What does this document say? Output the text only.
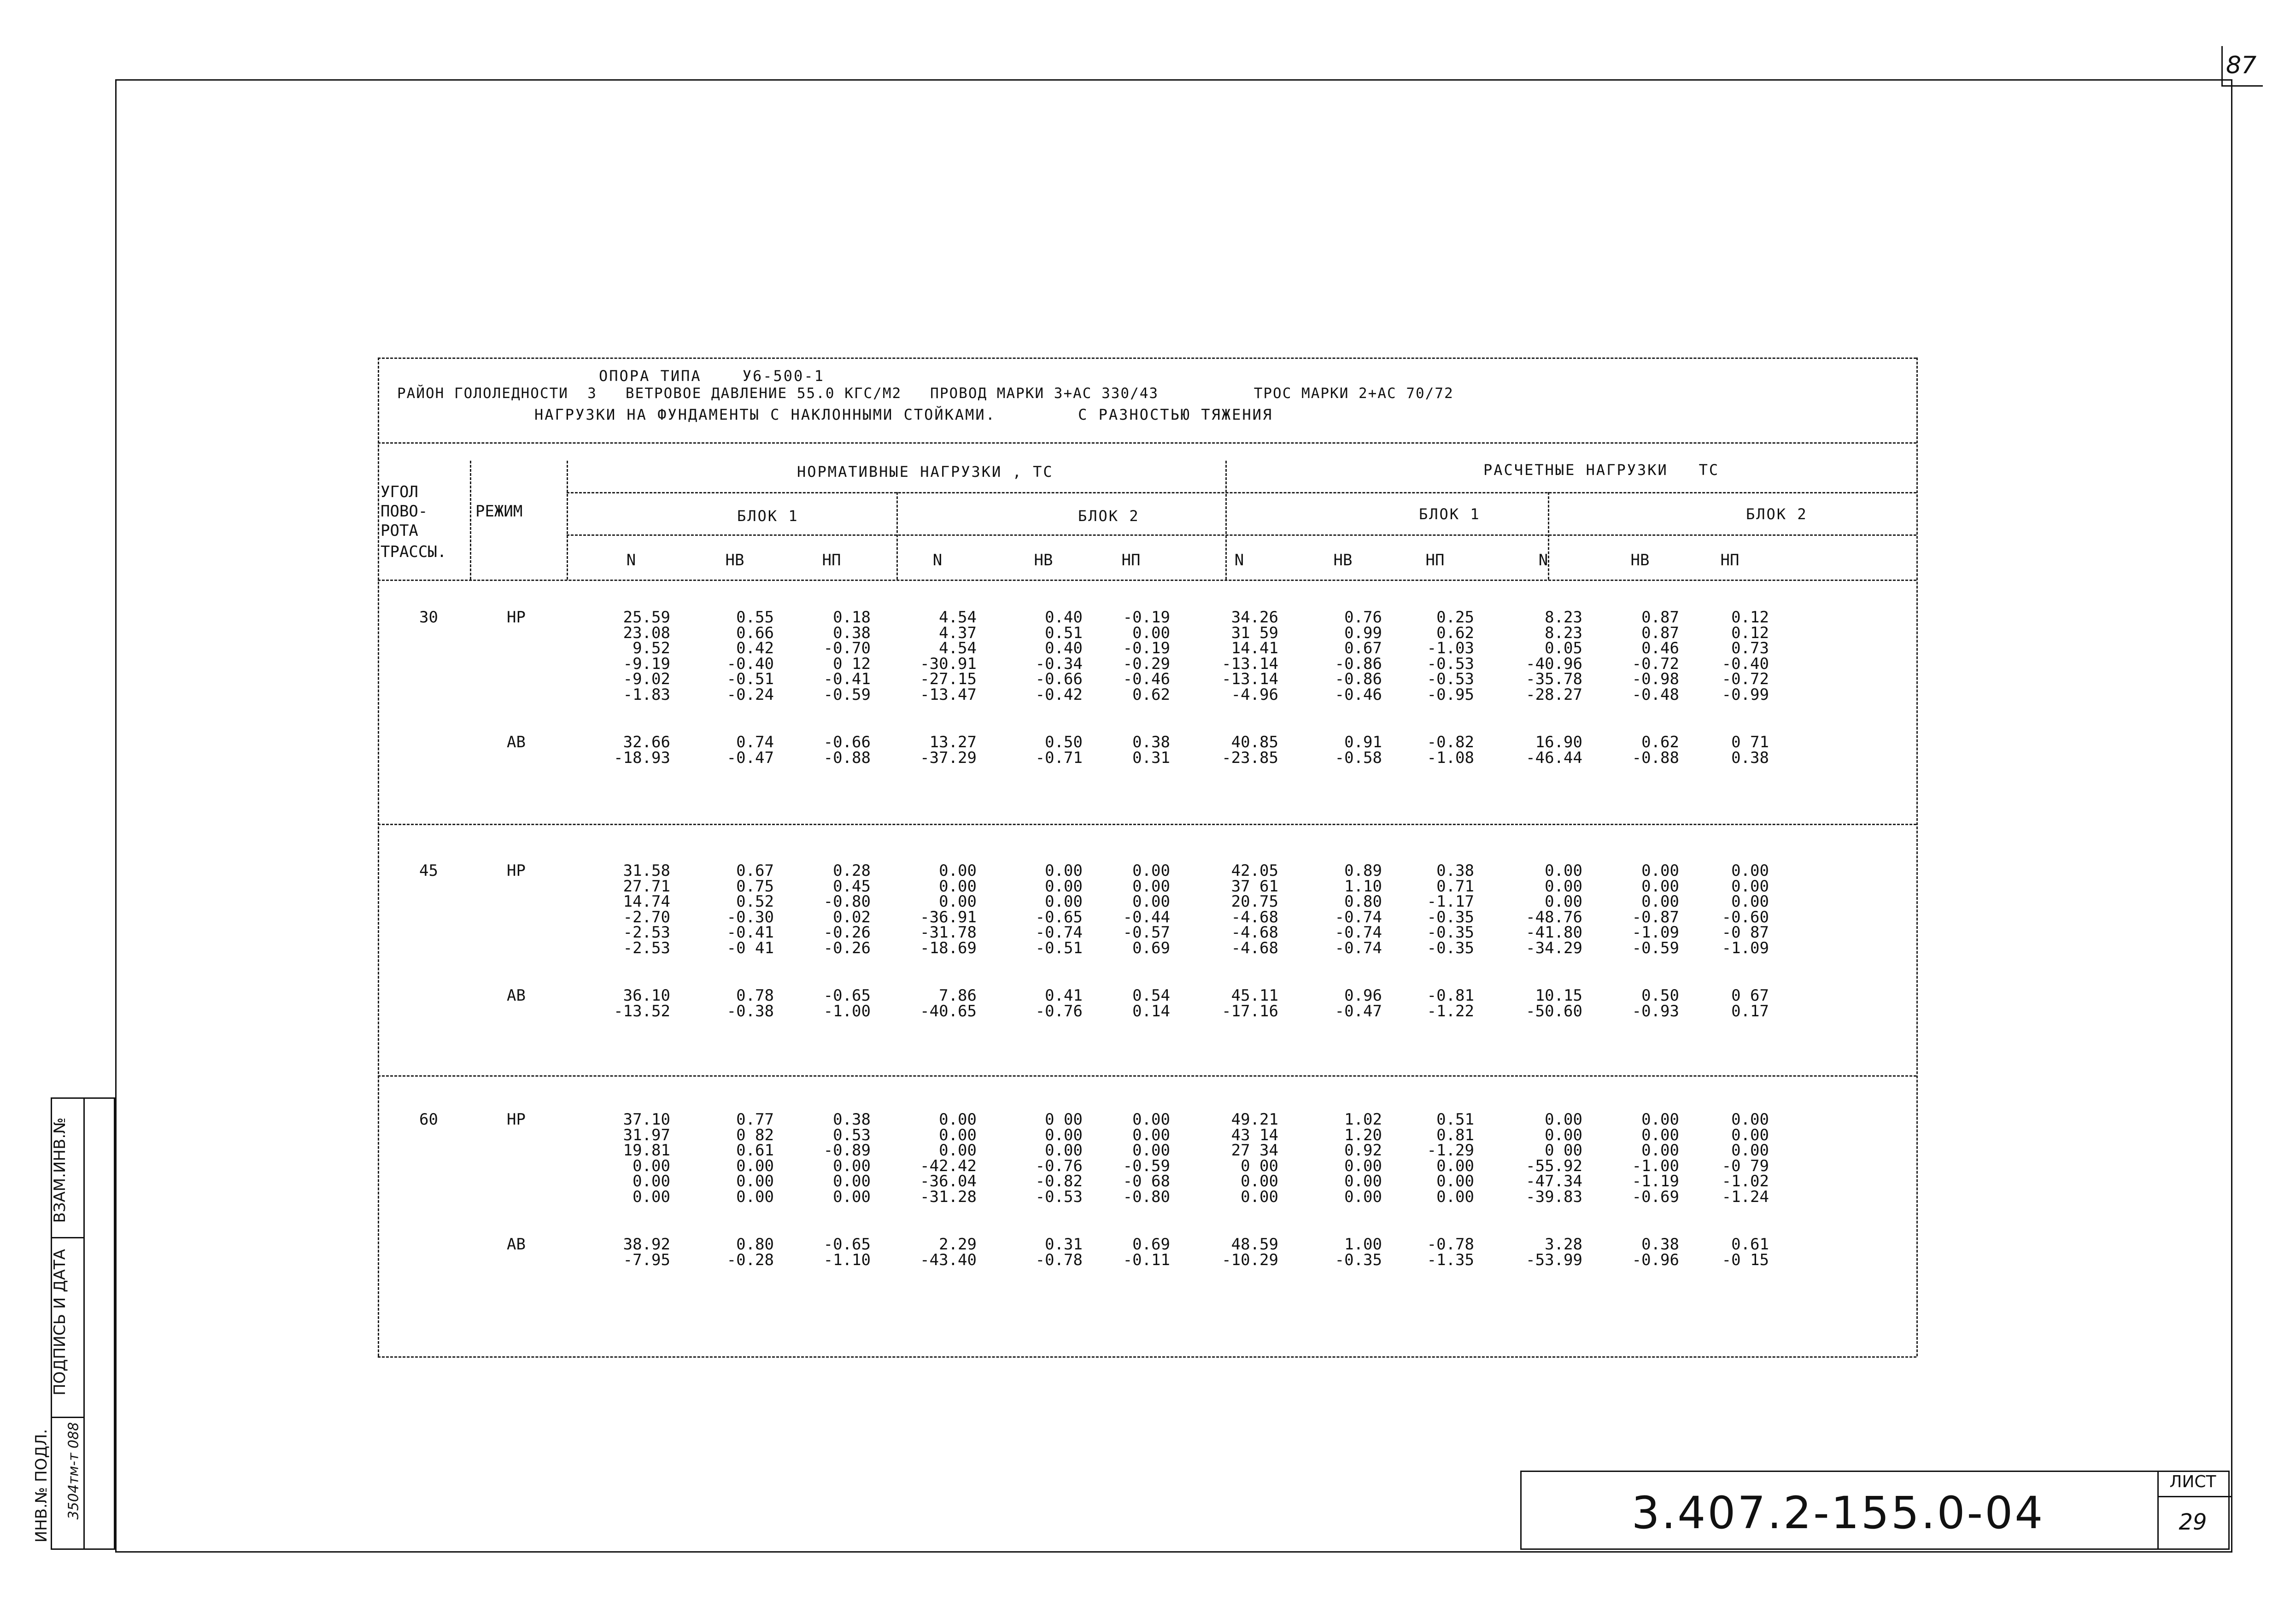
87
ВЗАМ.ИНВ.№
ПОДПИСЬ И ДАТА
ИНВ.№ ПОДЛ. 3504тм-т 088	3.407.2-155.0-04
ЛИСТ
29
ОПОРА ТИПА    У6-500-1
РАЙОН ГОЛОЛЕДНОСТИ  3   ВЕТРОВОЕ ДАВЛЕНИЕ 55.0 КГС/М2   ПРОВОД МАРКИ 3+АС 330/43          ТРОС МАРКИ 2+АС 70/72
НАГРУЗКИ НА ФУНДАМЕНТЫ С НАКЛОННЫМИ СТОЙКАМИ.        С РАЗНОСТЬЮ ТЯЖЕНИЯ
УГОЛ
ПОВО-
РОТА
ТРАССЫ.
РЕЖИМ
НОРМАТИВНЫЕ НАГРУЗКИ , ТС	РАСЧЕТНЫЕ НАГРУЗКИ   ТС
БЛОК 1	БЛОК 2	БЛОК 1	БЛОК 2
N	НВ	НП	N	НВ	НП	N	НВ	НП	N	НВ	НП
30	НР	25.59	0.55	0.18	4.54	0.40	-0.19	34.26	0.76	0.25	8.23	0.87	0.12
23.08	0.66	0.38	4.37	0.51	0.00	31 59	0.99	0.62	8.23	0.87	0.12
9.52	0.42	-0.70	4.54	0.40	-0.19	14.41	0.67	-1.03	0.05	0.46	0.73
-9.19	-0.40	0 12	-30.91	-0.34	-0.29	-13.14	-0.86	-0.53	-40.96	-0.72	-0.40
-9.02	-0.51	-0.41	-27.15	-0.66	-0.46	-13.14	-0.86	-0.53	-35.78	-0.98	-0.72
-1.83	-0.24	-0.59	-13.47	-0.42	0.62	-4.96	-0.46	-0.95	-28.27	-0.48	-0.99
АВ	32.66	0.74	-0.66	13.27	0.50	0.38	40.85	0.91	-0.82	16.90	0.62	0 71
-18.93	-0.47	-0.88	-37.29	-0.71	0.31	-23.85	-0.58	-1.08	-46.44	-0.88	0.38
45	НР	31.58	0.67	0.28	0.00	0.00	0.00	42.05	0.89	0.38	0.00	0.00	0.00
27.71	0.75	0.45	0.00	0.00	0.00	37 61	1.10	0.71	0.00	0.00	0.00
14.74	0.52	-0.80	0.00	0.00	0.00	20.75	0.80	-1.17	0.00	0.00	0.00
-2.70	-0.30	0.02	-36.91	-0.65	-0.44	-4.68	-0.74	-0.35	-48.76	-0.87	-0.60
-2.53	-0.41	-0.26	-31.78	-0.74	-0.57	-4.68	-0.74	-0.35	-41.80	-1.09	-0 87
-2.53	-0 41	-0.26	-18.69	-0.51	0.69	-4.68	-0.74	-0.35	-34.29	-0.59	-1.09
АВ	36.10	0.78	-0.65	7.86	0.41	0.54	45.11	0.96	-0.81	10.15	0.50	0 67
-13.52	-0.38	-1.00	-40.65	-0.76	0.14	-17.16	-0.47	-1.22	-50.60	-0.93	0.17
60	НР	37.10	0.77	0.38	0.00	0 00	0.00	49.21	1.02	0.51	0.00	0.00	0.00
31.97	0 82	0.53	0.00	0.00	0.00	43 14	1.20	0.81	0.00	0.00	0.00
19.81	0.61	-0.89	0.00	0.00	0.00	27 34	0.92	-1.29	0 00	0.00	0.00
0.00	0.00	0.00	-42.42	-0.76	-0.59	0 00	0.00	0.00	-55.92	-1.00	-0 79
0.00	0.00	0.00	-36.04	-0.82	-0 68	0.00	0.00	0.00	-47.34	-1.19	-1.02
0.00	0.00	0.00	-31.28	-0.53	-0.80	0.00	0.00	0.00	-39.83	-0.69	-1.24
АВ	38.92	0.80	-0.65	2.29	0.31	0.69	48.59	1.00	-0.78	3.28	0.38	0.61
-7.95	-0.28	-1.10	-43.40	-0.78	-0.11	-10.29	-0.35	-1.35	-53.99	-0.96	-0 15
